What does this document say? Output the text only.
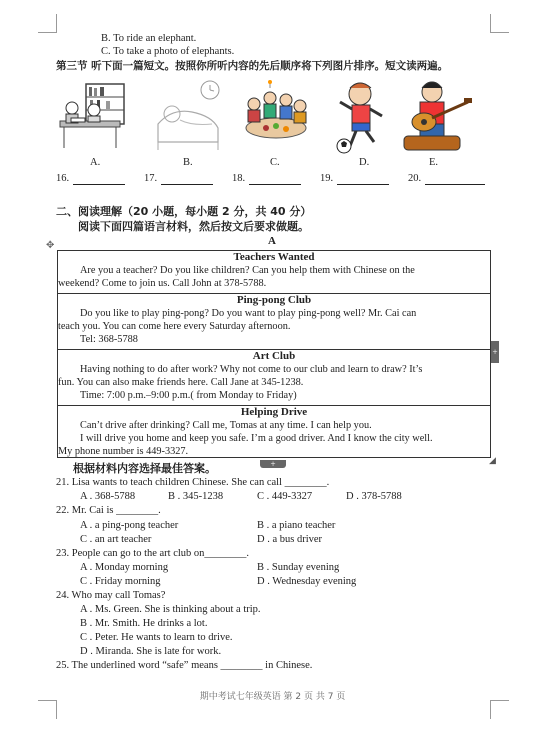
B. To ride an elephant.
C. To take a photo of elephants.
第三节 听下面一篇短文。按照你所听内容的先后顺序将下列图片排序。短文读两遍。
A.	B.	C.	D.	E.
16.	17.	18.	19.	20.
二、阅读理解（20 小题，每小题 2 分，共 40 分）
阅读下面四篇语言材料，然后按文后要求做题。
A
✥
Teachers Wanted
Are you a teacher? Do you like children? Can you help them with Chinese on the
weekend? Come to join us. Call John at 378-5788.
Ping-pong Club
Do you like to play ping-pong? Do you want to play ping-pong well? Mr. Cai can
teach you. You can come here every Saturday afternoon.
Tel: 368-5788
Art Club
Having nothing to do after work? Why not come to our club and learn to draw? It’s
fun. You can also make friends here. Call Jane at 345-1238.
Time: 7:00 p.m.–9:00 p.m.( from Monday to Friday)
Helping Drive
Can’t drive after drinking? Call me, Tomas at any time. I can help you.
I will drive you home and keep you safe. I’m a good driver. And I know the city well.
My phone number is 449-3327.
+
+	◢
根据材料内容选择最佳答案。
21. Lisa wants to teach children Chinese. She can call ________.
A . 368-5788	B . 345-1238	C . 449-3327	D . 378-5788
22. Mr. Cai is ________.
A . a ping-pong teacher	B . a piano teacher
C . an art teacher	D . a bus driver
23. People can go to the art club on________.
A . Monday morning	B . Sunday evening
C . Friday morning	D . Wednesday evening
24. Who may call Tomas?
A . Ms. Green. She is thinking about a trip.
B . Mr. Smith. He drinks a lot.
C . Peter. He wants to learn to drive.
D . Miranda. She is late for work.
25. The underlined word “safe” means ________ in Chinese.
期中考试七年级英语 第 2 页 共 7 页
